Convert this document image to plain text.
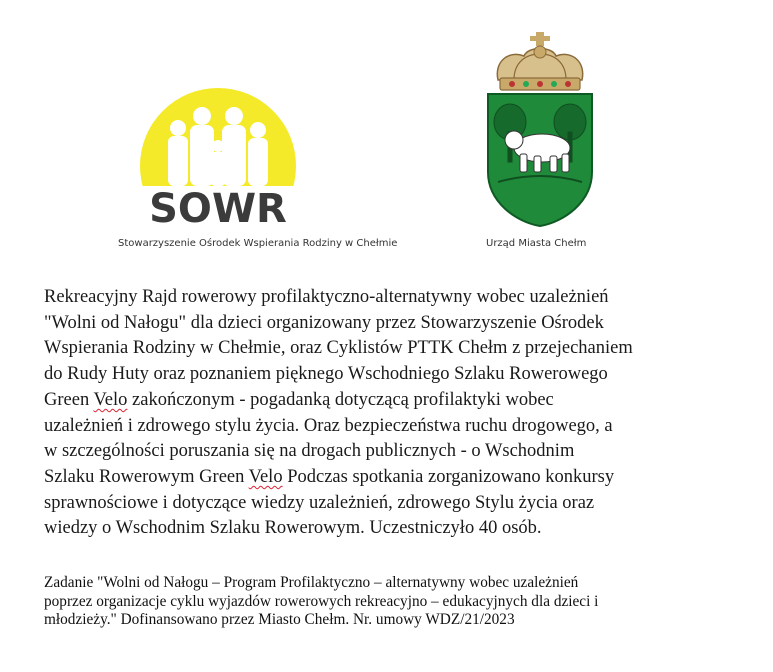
SOWR
Stowarzyszenie Ośrodek Wspierania Rodziny w Chełmie	Urząd Miasta Chełm
Rekreacyjny Rajd rowerowy profilaktyczno-alternatywny wobec uzależnień
"Wolni od Nałogu" dla dzieci organizowany przez Stowarzyszenie Ośrodek
Wspierania Rodziny w Chełmie, oraz Cyklistów PTTK Chełm z przejechaniem
do Rudy Huty oraz poznaniem pięknego Wschodniego Szlaku Rowerowego
Green Velo zakończonym - pogadanką dotyczącą profilaktyki wobec
uzależnień i zdrowego stylu życia. Oraz bezpieczeństwa ruchu drogowego, a
w szczególności poruszania się na drogach publicznych - o Wschodnim
Szlaku Rowerowym Green Velo Podczas spotkania zorganizowano konkursy
sprawnościowe i dotyczące wiedzy uzależnień, zdrowego Stylu życia oraz
wiedzy o Wschodnim Szlaku Rowerowym. Uczestniczyło 40 osób.
Zadanie "Wolni od Nałogu – Program Profilaktyczno – alternatywny wobec uzależnień
poprzez organizacje cyklu wyjazdów rowerowych rekreacyjno – edukacyjnych dla dzieci i
młodzieży." Dofinansowano przez Miasto Chełm. Nr. umowy WDZ/21/2023
